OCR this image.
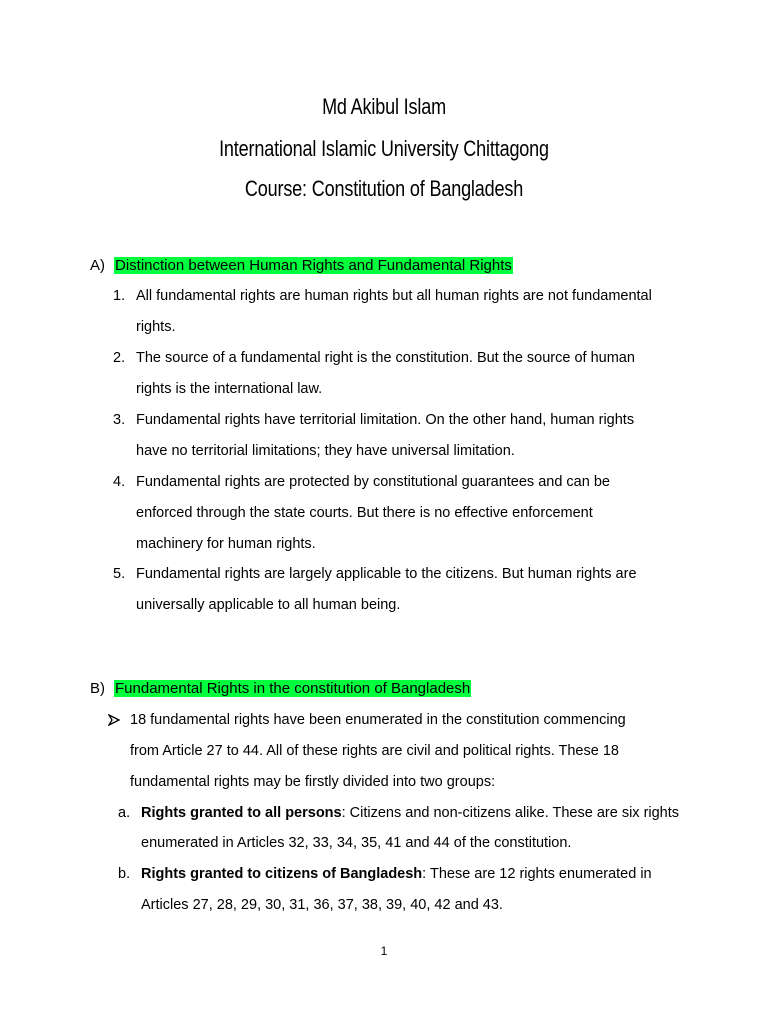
Md Akibul Islam
International Islamic University Chittagong
Course: Constitution of Bangladesh
A) Distinction between Human Rights and Fundamental Rights
1. All fundamental rights are human rights but all human rights are not fundamental
rights.
2. The source of a fundamental right is the constitution. But the source of human
rights is the international law.
3. Fundamental rights have territorial limitation. On the other hand, human rights
have no territorial limitations; they have universal limitation.
4. Fundamental rights are protected by constitutional guarantees and can be
enforced through the state courts. But there is no effective enforcement
machinery for human rights.
5. Fundamental rights are largely applicable to the citizens. But human rights are
universally applicable to all human being.
B) Fundamental Rights in the constitution of Bangladesh
18 fundamental rights have been enumerated in the constitution commencing
from Article 27 to 44. All of these rights are civil and political rights. These 18
fundamental rights may be firstly divided into two groups:
a. Rights granted to all persons: Citizens and non-citizens alike. These are six rights
enumerated in Articles 32, 33, 34, 35, 41 and 44 of the constitution.
b. Rights granted to citizens of Bangladesh: These are 12 rights enumerated in
Articles 27, 28, 29, 30, 31, 36, 37, 38, 39, 40, 42 and 43.
1
